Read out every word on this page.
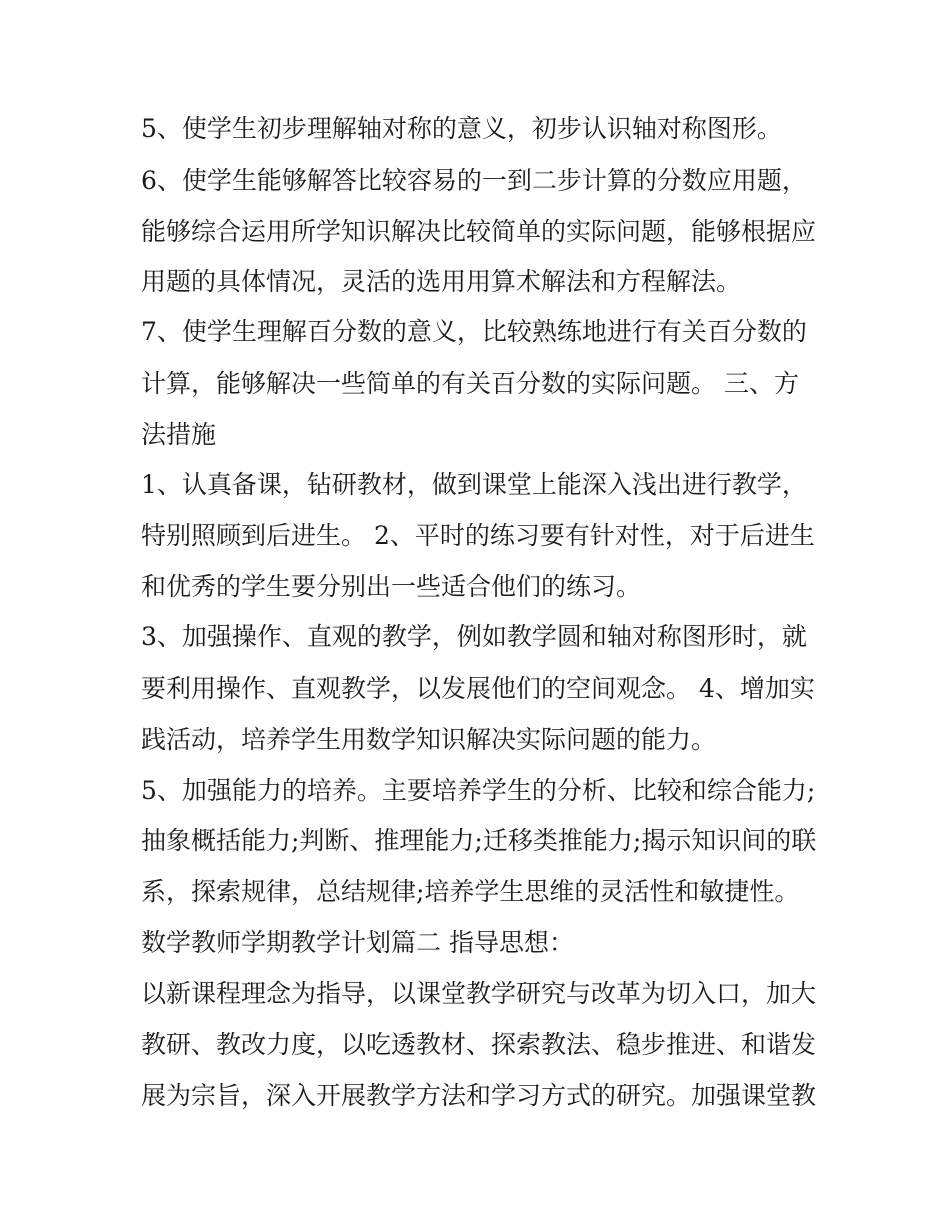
5、使学生初步理解轴对称的意义，初步认识轴对称图形。
6、使学生能够解答比较容易的一到二步计算的分数应用题，
能够综合运用所学知识解决比较简单的实际问题，能够根据应
用题的具体情况，灵活的选用用算术解法和方程解法。
7、使学生理解百分数的意义，比较熟练地进行有关百分数的
计算，能够解决一些简单的有关百分数的实际问题。 三、方
法措施
1、认真备课，钻研教材，做到课堂上能深入浅出进行教学，
特别照顾到后进生。 2、平时的练习要有针对性，对于后进生
和优秀的学生要分别出一些适合他们的练习。
3、加强操作、直观的教学，例如教学圆和轴对称图形时，就
要利用操作、直观教学，以发展他们的空间观念。 4、增加实
践活动，培养学生用数学知识解决实际问题的能力。
5、加强能力的培养。主要培养学生的分析、比较和综合能力;
抽象概括能力;判断、推理能力;迁移类推能力;揭示知识间的联
系，探索规律，总结规律;培养学生思维的灵活性和敏捷性。
数学教师学期教学计划篇二 指导思想：
以新课程理念为指导，以课堂教学研究与改革为切入口，加大
教研、教改力度，以吃透教材、探索教法、稳步推进、和谐发
展为宗旨，深入开展教学方法和学习方式的研究。加强课堂教
